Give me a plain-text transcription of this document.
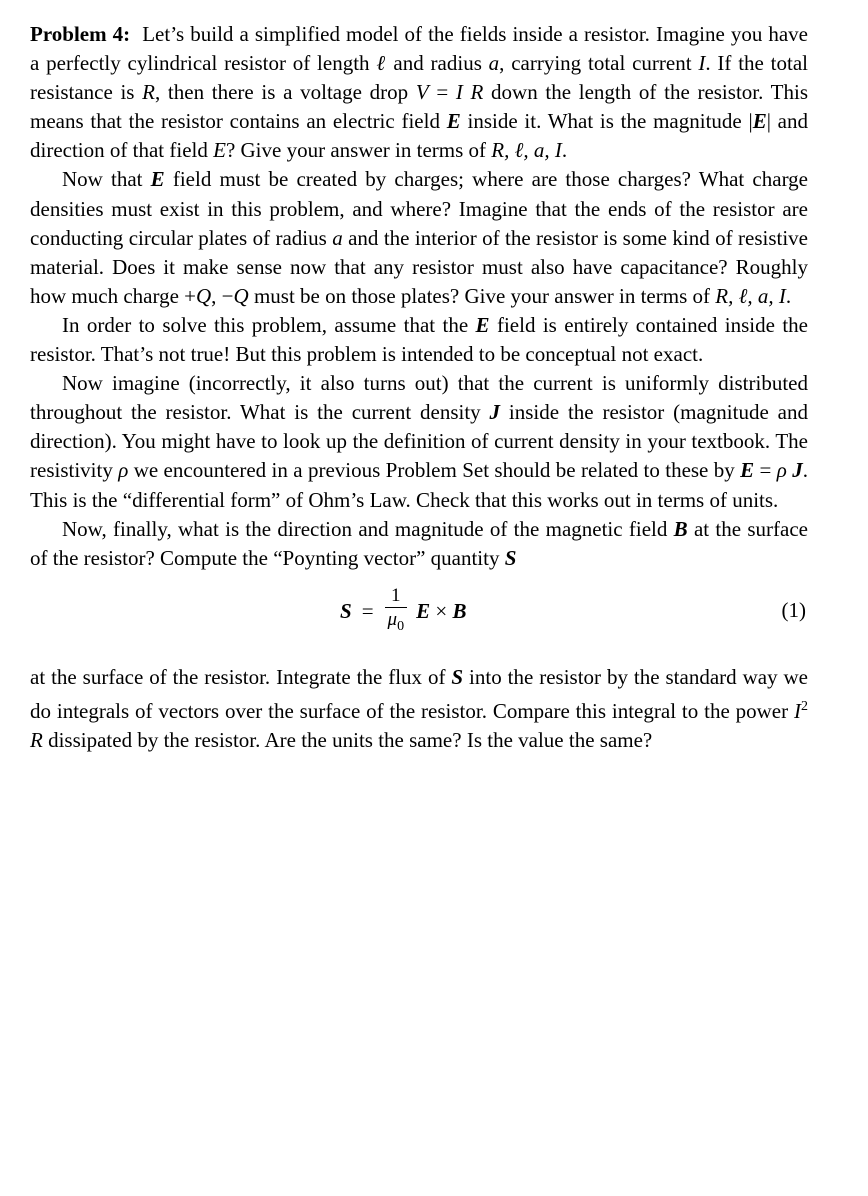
Problem 4:  Let’s build a simplified model of the fields inside a resistor. Imagine you have a perfectly cylindrical resistor of length ℓ and radius a, carrying total current I. If the total resistance is R, then there is a voltage drop V = I R down the length of the resistor. This means that the resistor contains an electric field E inside it. What is the magnitude |E| and direction of that field E? Give your answer in terms of R, ℓ, a, I.

Now that E field must be created by charges; where are those charges? What charge densities must exist in this problem, and where? Imagine that the ends of the resistor are conducting circular plates of radius a and the interior of the resistor is some kind of resistive material. Does it make sense now that any resistor must also have capacitance? Roughly how much charge +Q, −Q must be on those plates? Give your answer in terms of R, ℓ, a, I.

In order to solve this problem, assume that the E field is entirely contained inside the resistor. That’s not true! But this problem is intended to be conceptual not exact.

Now imagine (incorrectly, it also turns out) that the current is uniformly distributed throughout the resistor. What is the current density J inside the resistor (magnitude and direction). You might have to look up the definition of current density in your textbook. The resistivity ρ we encountered in a previous Problem Set should be related to these by E = ρ J. This is the “differential form” of Ohm’s Law. Check that this works out in terms of units.

Now, finally, what is the direction and magnitude of the magnetic field B at the surface of the resistor? Compute the “Poynting vector” quantity S

$S = \frac{1}{\mu_0}$ E × B	(1)

at the surface of the resistor. Integrate the flux of S into the resistor by the standard way we do integrals of vectors over the surface of the resistor. Compare this integral to the power $I^2$ R dissipated by the resistor. Are the units the same? Is the value the same?
